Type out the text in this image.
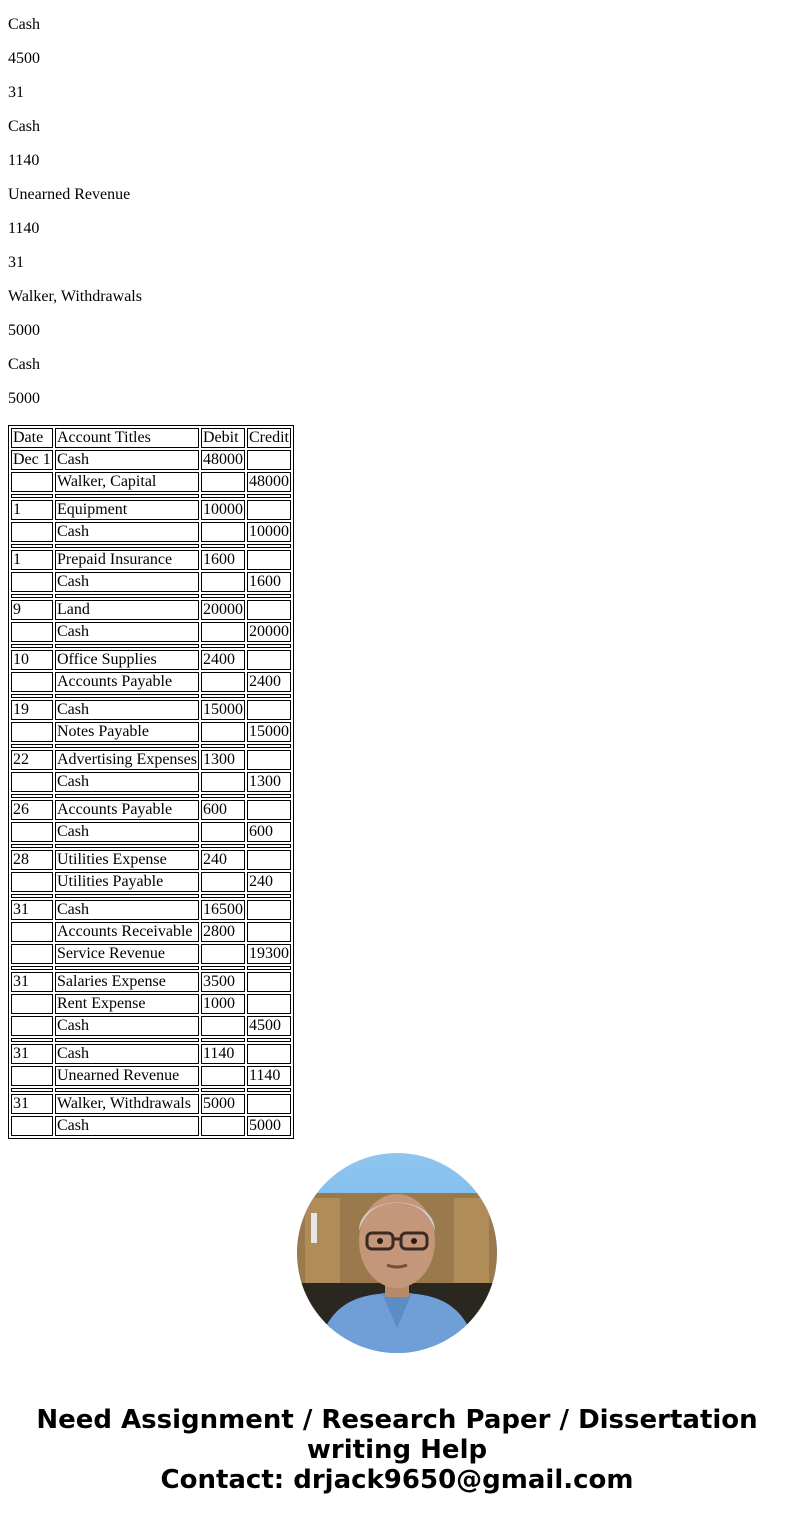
Cash

4500

31

Cash

1140

Unearned Revenue

1140

31

Walker, Withdrawals

5000

Cash

5000

Date	Account Titles	Debit	Credit
Dec 1	Cash	48000	
	Walker, Capital		48000

1	Equipment	10000	
	Cash		10000

1	Prepaid Insurance	1600	
	Cash		1600

9	Land	20000	
	Cash		20000

10	Office Supplies	2400	
	Accounts Payable		2400

19	Cash	15000	
	Notes Payable		15000

22	Advertising Expenses	1300	
	Cash		1300

26	Accounts Payable	600	
	Cash		600

28	Utilities Expense	240	
	Utilities Payable		240

31	Cash	16500	
	Accounts Receivable	2800	
	Service Revenue		19300

31	Salaries Expense	3500	
	Rent Expense	1000	
	Cash		4500

31	Cash	1140	
	Unearned Revenue		1140

31	Walker, Withdrawals	5000	
	Cash		5000
Need Assignment / Research Paper / Dissertation
writing Help
Contact: drjack9650@gmail.com
